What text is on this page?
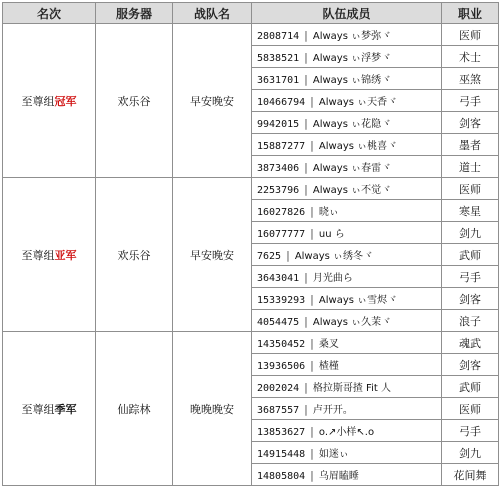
名次	服务器	战队名	队伍成员	职业
至尊组冠军	欢乐谷	早安晚安	2808714 | Always ぃ梦弥ヾ	医师
			5838521 | Always ぃ浮梦ヾ	术士
			3631701 | Always ぃ锦绣ヾ	巫煞
			10466794 | Always ぃ天香ヾ	弓手
			9942015 | Always ぃ花隐ヾ	剑客
			15887277 | Always ぃ桃喜ヾ	墨者
			3873406 | Always ぃ春雷ヾ	道士
至尊组亚军	欢乐谷	早安晚安	2253796 | Always ぃ不觉ヾ	医师
			16027826 | 晓ぃ	寒星
			16077777 | uu ら	剑九
			7625 | Always ぃ绣冬ヾ	武师
			3643041 | 月光曲ら	弓手
			15339293 | Always ぃ雪烬ヾ	剑客
			4054475 | Always ぃ久茉ヾ	浪子
至尊组季军	仙踪林	晚晚晚安	14350452 | 桑叉	魂武
			13936506 | 楂槿	剑客
			2002024 | 格拉斯哥揸 Fit 人	武师
			3687557 | 卢开开。	医师
			13853627 | o.↗小样↖.o	弓手
			14915448 | 如迷ぃ	剑九
			14805804 | 乌眉瞌睡	花间舞
